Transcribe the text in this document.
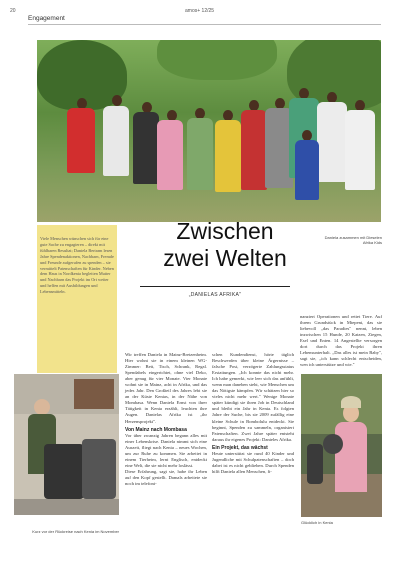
20	amos+ 12/25
Engagement
Daniela zusammen mit Dieselen Afrika Kids
Viele Menschen wünschen sich für eine gute Sache zu engagieren – direkt mit fühlbaren Resultat; Daniela Bertram lesen Jahre Spendenaktionen, Nachbarn, Fremde und Freunde aufgerufen zu spenden – sie vermittelt Patenschaften für Kinder. Neben dem Haus in Nordkenia begleiten Mutter und Nachbarn das Projekt im Ort weiter und helfen mit Ausbildungen und Lebensmitteln.
Zwischen
zwei Welten
„DANIELAS AFRIKA"

Wir treffen Daniela in Mainz-Bretzenheim. Hier wohnt sie in einem kleinen WG-Zimmer: Bett, Tisch, Schrank, Regal. Spendabels eingerichtet, ohne viel Deko, aber genug für vier Monate. Vier Monate wohnt sie in Mainz, acht in Afrika, und das jedes Jahr. Den Großteil des Jahres lebt sie an der Küste Kenias, in der Nähe von Mombasa. Wenn Daniela Ernst von ihrer Tätigkeit in Kenia erzählt, leuchten ihre Augen. Danielas Afrika ist „ihr Herzensprojekt".

Von Mainz nach Mombasa

Vor über zwanzig Jahren begann alles mit einer Lebenskrise. Daniela nimmt sich eine Auszeit, fliegt nach Kenia – neues Wochen, um zur Ruhe zu kommen. Sie arbeitet in einem Tierheim, lernt Englisch, entdeckt eine Welt, die sie nicht mehr loslässt.

Diese Erfahrung, sagt sie, habe ihr Leben auf den Kopf gestellt. Damals arbeitete sie noch im telefoni-

schen Kundendienst, hörte täglich Beschwerden über kleine Ärgernisse – falsche Post, verzögerte Zahlungsstatus Erstattungen. „Ich konnte das nicht mehr. Ich habe gemerkt, wie leer sich das anfühlt, wenn man daneben steht, wie Menschen um das Nötigste kämpfen. Wir schätzen hier so vieles nicht mehr wert." Wenige Monate später kündigt sie ihren Job in Deutschland und bleibt ein Jahr in Kenia. Es folgten Jahre der Suche, bis sie 2009 zufällig eine kleine Schule in Bombolulu entdeckt. Sie beginnt, Spenden zu sammeln, organisiert Patenschaften. Zwei Jahre später entsteht daraus ihr eigenes Projekt: Danieles Afrika.

Ein Projekt, das wächst

Heute unterstützt sie rund 40 Kinder und Jugendliche mit Schulpatenschaften – doch dabei ist es nicht geblieben. Durch Spenden hilft Daniela allen Menschen, fi-

nanziert Operationen und rettet Tiere. Auf ihrem Grundstück in Mtepeni, das sie liebevoll „das Paradies" nennt, leben inzwischen 15 Hunde, 20 Katzen, Ziegen, Esel und Enten. 14 Angestellte versorgen dort durch das Projekt ihren Lebensunterhalt. „Das alles ist mein Baby", sagt sie, „ich kann schlecht entscheiden, wen ich unterstütze und wie."

Kurz vor der Rückreise nach Kenia im November
Glücklich in Kenia
